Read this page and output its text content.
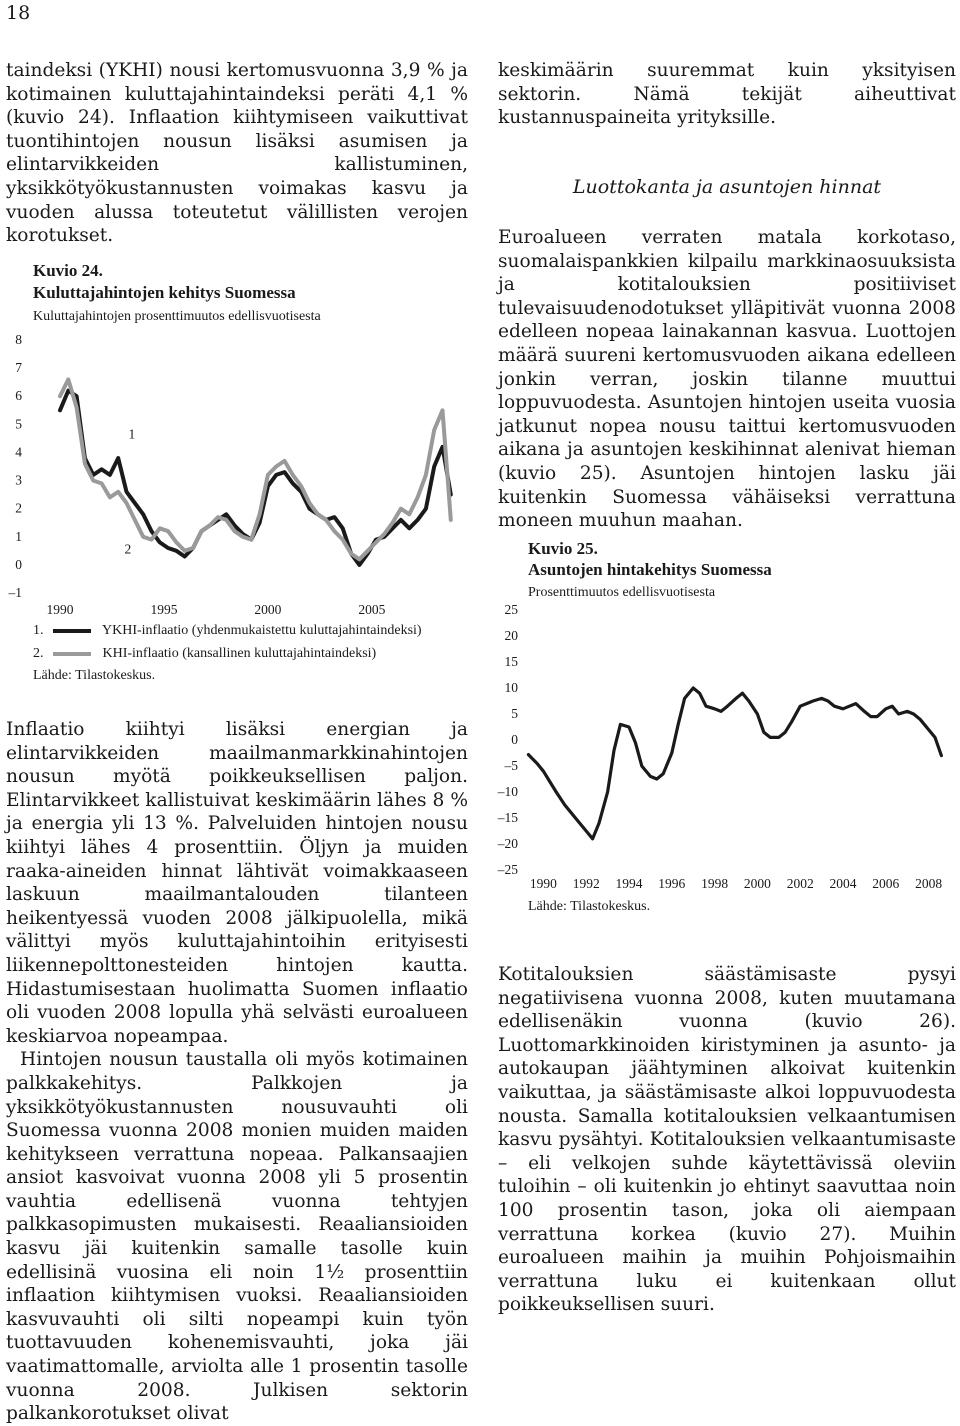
18

taindeksi (YKHI) nousi kertomusvuonna 3,9 % ja kotimainen kuluttajahintaindeksi peräti 4,1 % (kuvio 24). Inflaation kiihtymiseen vaikuttivat tuontihintojen nousun lisäksi asumisen ja elintarvikkeiden kallistuminen, yksikkötyökustannusten voimakas kasvu ja vuoden alussa toteutetut välillisten verojen korotukset.

Kuvio 24.
Kuluttajahintojen kehitys Suomessa
Kuluttajahintojen prosenttimuutos edellisvuotisesta
8
7
6
5
4
3
2
1
0
–1
1990	1995	2000	2005
1
2
1.	YKHI-inflaatio (yhdenmukaistettu kuluttajahintaindeksi)
2.	KHI-inflaatio (kansallinen kuluttajahintaindeksi)
Lähde: Tilastokeskus.

Inflaatio kiihtyi lisäksi energian ja elintarvikkeiden maailmanmarkkinahintojen nousun myötä poikkeuksellisen paljon. Elintarvikkeet kallistuivat keskimäärin lähes 8 % ja energia yli 13 %. Palveluiden hintojen nousu kiihtyi lähes 4 prosenttiin. Öljyn ja muiden raaka-aineiden hinnat lähtivät voimakkaaseen laskuun maailmantalouden tilanteen heikentyessä vuoden 2008 jälkipuolella, mikä välittyi myös kuluttajahintoihin erityisesti liikennepolttonesteiden hintojen kautta. Hidastumisestaan huolimatta Suomen inflaatio oli vuoden 2008 lopulla yhä selvästi euroalueen keskiarvoa nopeampaa.

Hintojen nousun taustalla oli myös kotimainen palkkakehitys. Palkkojen ja yksikkötyökustannusten nousuvauhti oli Suomessa vuonna 2008 monien muiden maiden kehitykseen verrattuna nopeaa. Palkansaajien ansiot kasvoivat vuonna 2008 yli 5 prosentin vauhtia edellisenä vuonna tehtyjen palkkasopimusten mukaisesti. Reaaliansioiden kasvu jäi kuitenkin samalle tasolle kuin edellisinä vuosina eli noin 1½ prosenttiin inflaation kiihtymisen vuoksi. Reaaliansioiden kasvuvauhti oli silti nopeampi kuin työn tuottavuuden kohenemisvauhti, joka jäi vaatimattomalle, arviolta alle 1 prosentin tasolle vuonna 2008. Julkisen sektorin palkankorotukset olivat

keskimäärin suuremmat kuin yksityisen sektorin. Nämä tekijät aiheuttivat kustannuspaineita yrityksille.

Luottokanta ja asuntojen hinnat

Euroalueen verraten matala korkotaso, suomalaispankkien kilpailu markkinaosuuksista ja kotitalouksien positiiviset tulevaisuudenodotukset ylläpitivät vuonna 2008 edelleen nopeaa lainakannan kasvua. Luottojen määrä suureni kertomusvuoden aikana edelleen jonkin verran, joskin tilanne muuttui loppuvuodesta. Asuntojen hintojen useita vuosia jatkunut nopea nousu taittui kertomusvuoden aikana ja asuntojen keskihinnat alenivat hieman (kuvio 25). Asuntojen hintojen lasku jäi kuitenkin Suomessa vähäiseksi verrattuna moneen muuhun maahan.

Kuvio 25.
Asuntojen hintakehitys Suomessa
Prosenttimuutos edellisvuotisesta
25
20
15
10
5
0
–5
–10
–15
–20
–25
1990 1992 1994 1996 1998 2000 2002 2004 2006 2008
Lähde: Tilastokeskus.

Kotitalouksien säästämisaste pysyi negatiivisena vuonna 2008, kuten muutamana edellisenäkin vuonna (kuvio 26). Luottomarkkinoiden kiristyminen ja asunto- ja autokaupan jäähtyminen alkoivat kuitenkin vaikuttaa, ja säästämisaste alkoi loppuvuodesta nousta. Samalla kotitalouksien velkaantumisen kasvu pysähtyi. Kotitalouksien velkaantumisaste – eli velkojen suhde käytettävissä oleviin tuloihin – oli kuitenkin jo ehtinyt saavuttaa noin 100 prosentin tason, joka oli aiempaan verrattuna korkea (kuvio 27). Muihin euroalueen maihin ja muihin Pohjoismaihin verrattuna luku ei kuitenkaan ollut poikkeuksellisen suuri.
